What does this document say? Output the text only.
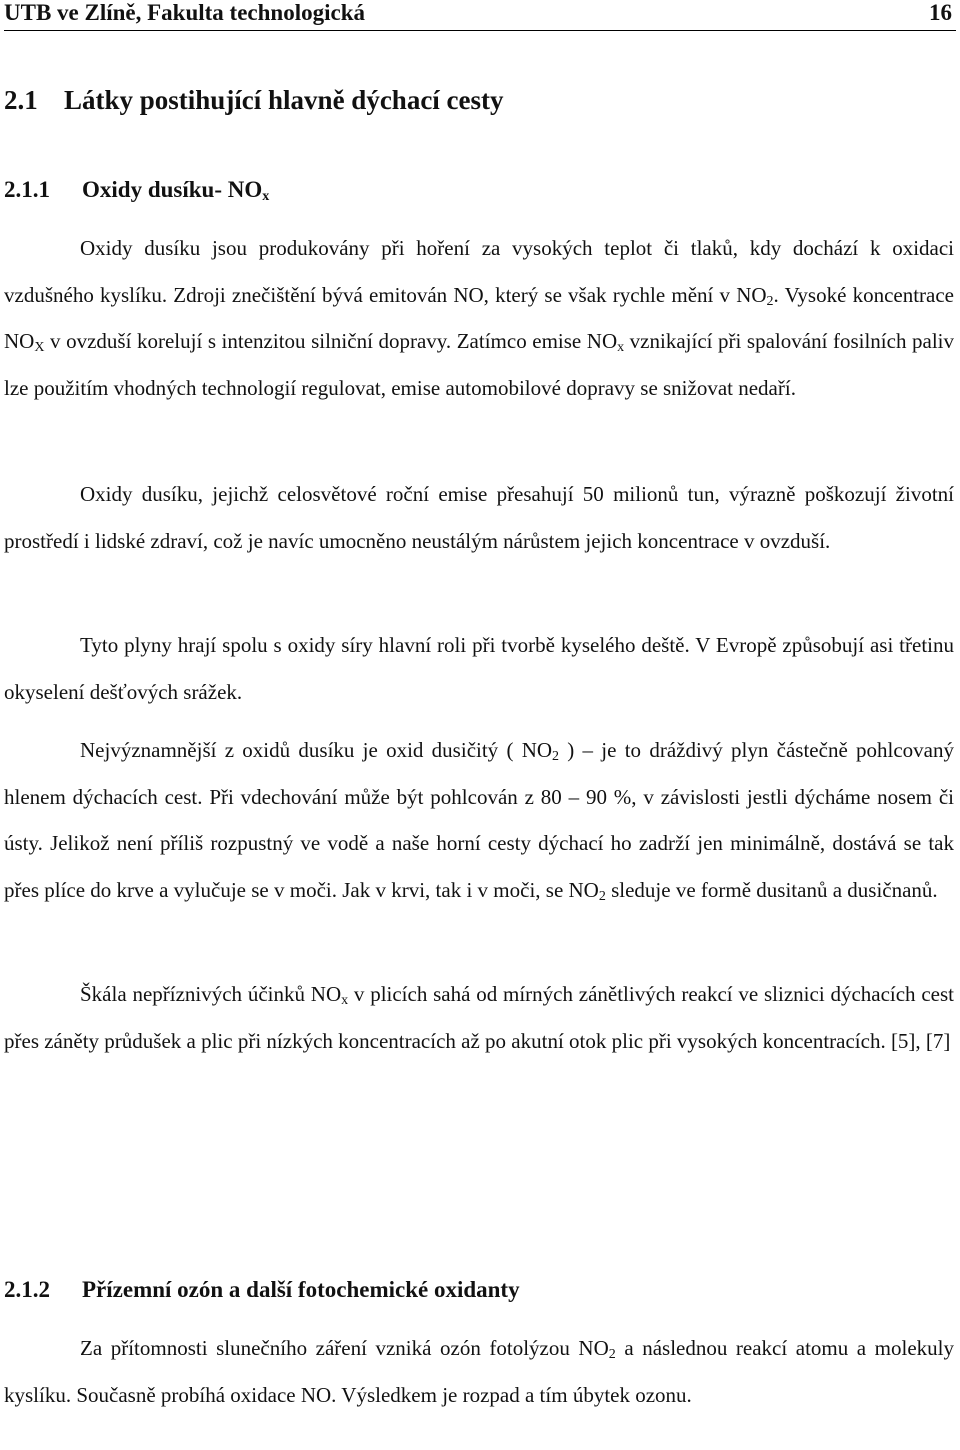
UTB ve Zlíně, Fakulta technologická	16
2.1 Látky postihující hlavně dýchací cesty
2.1.1 Oxidy dusíku- $NO_x$

Oxidy dusíku jsou produkovány při hoření za vysokých teplot či tlaků, kdy dochází k oxidaci vzdušného kyslíku. Zdroji znečištění bývá emitován NO, který se však rychle mění v $NO_2$. Vysoké koncentrace $NO_X$ v ovzduší korelují s intenzitou silniční dopravy. Zatímco emise $NO_x$ vznikající při spalování fosilních paliv lze použitím vhodných technologií regulovat, emise automobilové dopravy se snižovat nedaří.

Oxidy dusíku, jejichž celosvětové roční emise přesahují 50 milionů tun, výrazně poškozují životní prostředí i lidské zdraví, což je navíc umocněno neustálým nárůstem jejich koncentrace v ovzduší.

Tyto plyny hrají spolu s oxidy síry hlavní roli při tvorbě kyselého deště. V Evropě způsobují asi třetinu okyselení dešťových srážek.

Nejvýznamnější z oxidů dusíku je oxid dusičitý ( $NO_2$ ) – je to dráždivý plyn částečně pohlcovaný hlenem dýchacích cest. Při vdechování může být pohlcován z 80 – 90 %, v závislosti jestli dýcháme nosem či ústy. Jelikož není příliš rozpustný ve vodě a naše horní cesty dýchací ho zadrží jen minimálně, dostává se tak přes plíce do krve a vylučuje se v moči. Jak v krvi, tak i v moči, se $NO_2$ sleduje ve formě dusitanů a dusičnanů.

Škála nepříznivých účinků $NO_x$ v plicích sahá od mírných zánětlivých reakcí ve sliznici dýchacích cest přes záněty průdušek a plic při nízkých koncentracích až po akutní otok plic při vysokých koncentracích. [5], [7]

2.1.2 Přízemní ozón a další fotochemické oxidanty

Za přítomnosti slunečního záření vzniká ozón fotolýzou $NO_2$ a následnou reakcí atomu a molekuly kyslíku. Současně probíhá oxidace NO. Výsledkem je rozpad a tím úbytek ozonu.
